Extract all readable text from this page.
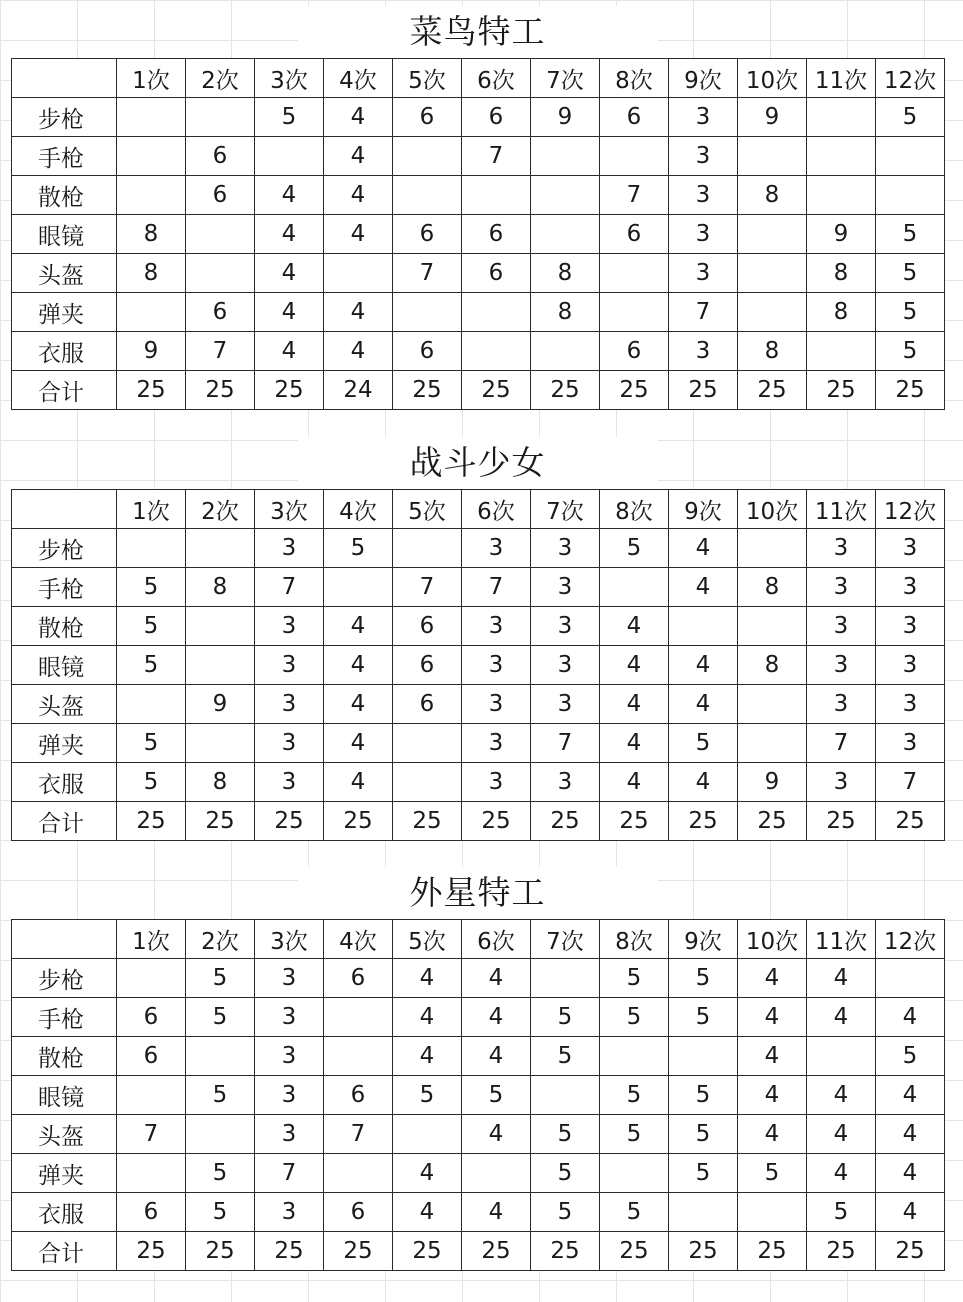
菜鸟特工
	1次	2次	3次	4次	5次	6次	7次	8次	9次	10次	11次	12次
步枪			5	4	6	6	9	6	3	9		5
手枪		6		4		7			3			
散枪		6	4	4				7	3	8		
眼镜	8		4	4	6	6		6	3		9	5
头盔	8		4		7	6	8		3		8	5
弹夹		6	4	4			8		7		8	5
衣服	9	7	4	4	6			6	3	8		5
合计	25	25	25	24	25	25	25	25	25	25	25	25
战斗少女
	1次	2次	3次	4次	5次	6次	7次	8次	9次	10次	11次	12次
步枪			3	5		3	3	5	4		3	3
手枪	5	8	7		7	7	3		4	8	3	3
散枪	5		3	4	6	3	3	4			3	3
眼镜	5		3	4	6	3	3	4	4	8	3	3
头盔		9	3	4	6	3	3	4	4		3	3
弹夹	5		3	4		3	7	4	5		7	3
衣服	5	8	3	4		3	3	4	4	9	3	7
合计	25	25	25	25	25	25	25	25	25	25	25	25
外星特工
	1次	2次	3次	4次	5次	6次	7次	8次	9次	10次	11次	12次
步枪		5	3	6	4	4		5	5	4	4	
手枪	6	5	3		4	4	5	5	5	4	4	4
散枪	6		3		4	4	5			4		5
眼镜		5	3	6	5	5		5	5	4	4	4
头盔	7		3	7		4	5	5	5	4	4	4
弹夹		5	7		4		5		5	5	4	4
衣服	6	5	3	6	4	4	5	5			5	4
合计	25	25	25	25	25	25	25	25	25	25	25	25
